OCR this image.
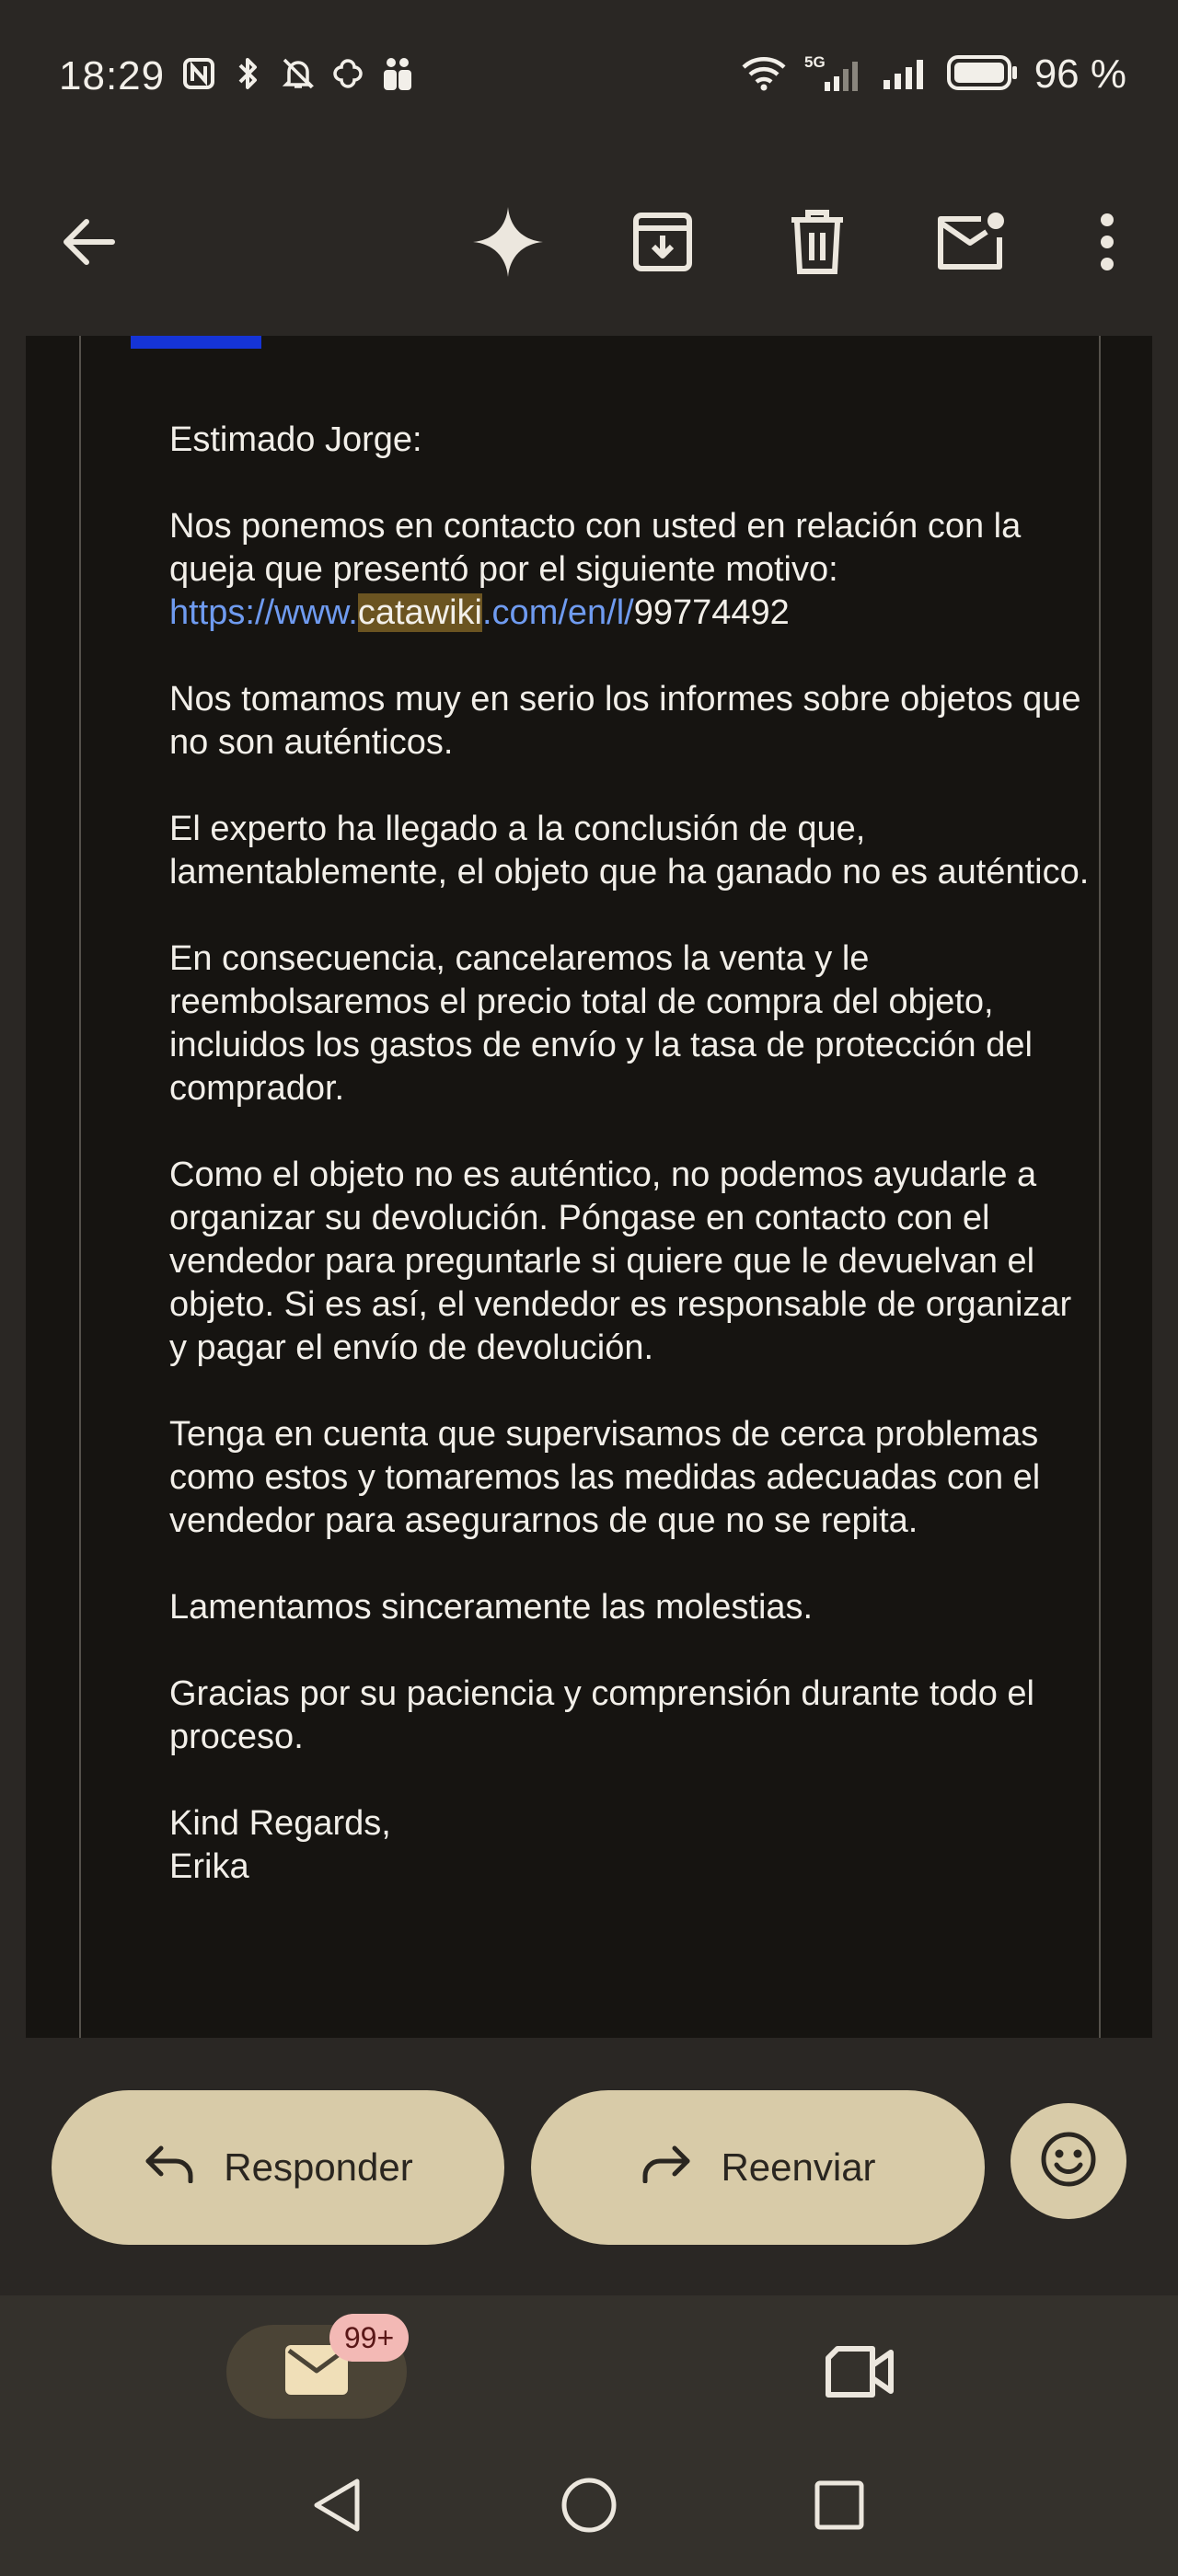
18:29	5G	96 %

Estimado Jorge:

Nos ponemos en contacto con usted en relación con la queja que presentó por el siguiente motivo:
https://www.catawiki.com/en/l/99774492

Nos tomamos muy en serio los informes sobre objetos que no son auténticos.

El experto ha llegado a la conclusión de que, lamentablemente, el objeto que ha ganado no es auténtico.

En consecuencia, cancelaremos la venta y le reembolsaremos el precio total de compra del objeto, incluidos los gastos de envío y la tasa de protección del comprador.

Como el objeto no es auténtico, no podemos ayudarle a organizar su devolución. Póngase en contacto con el vendedor para preguntarle si quiere que le devuelvan el objeto. Si es así, el vendedor es responsable de organizar y pagar el envío de devolución.

Tenga en cuenta que supervisamos de cerca problemas como estos y tomaremos las medidas adecuadas con el vendedor para asegurarnos de que no se repita.

Lamentamos sinceramente las molestias.

Gracias por su paciencia y comprensión durante todo el proceso.

Kind Regards,
Erika

Responder	Reenviar
99+
